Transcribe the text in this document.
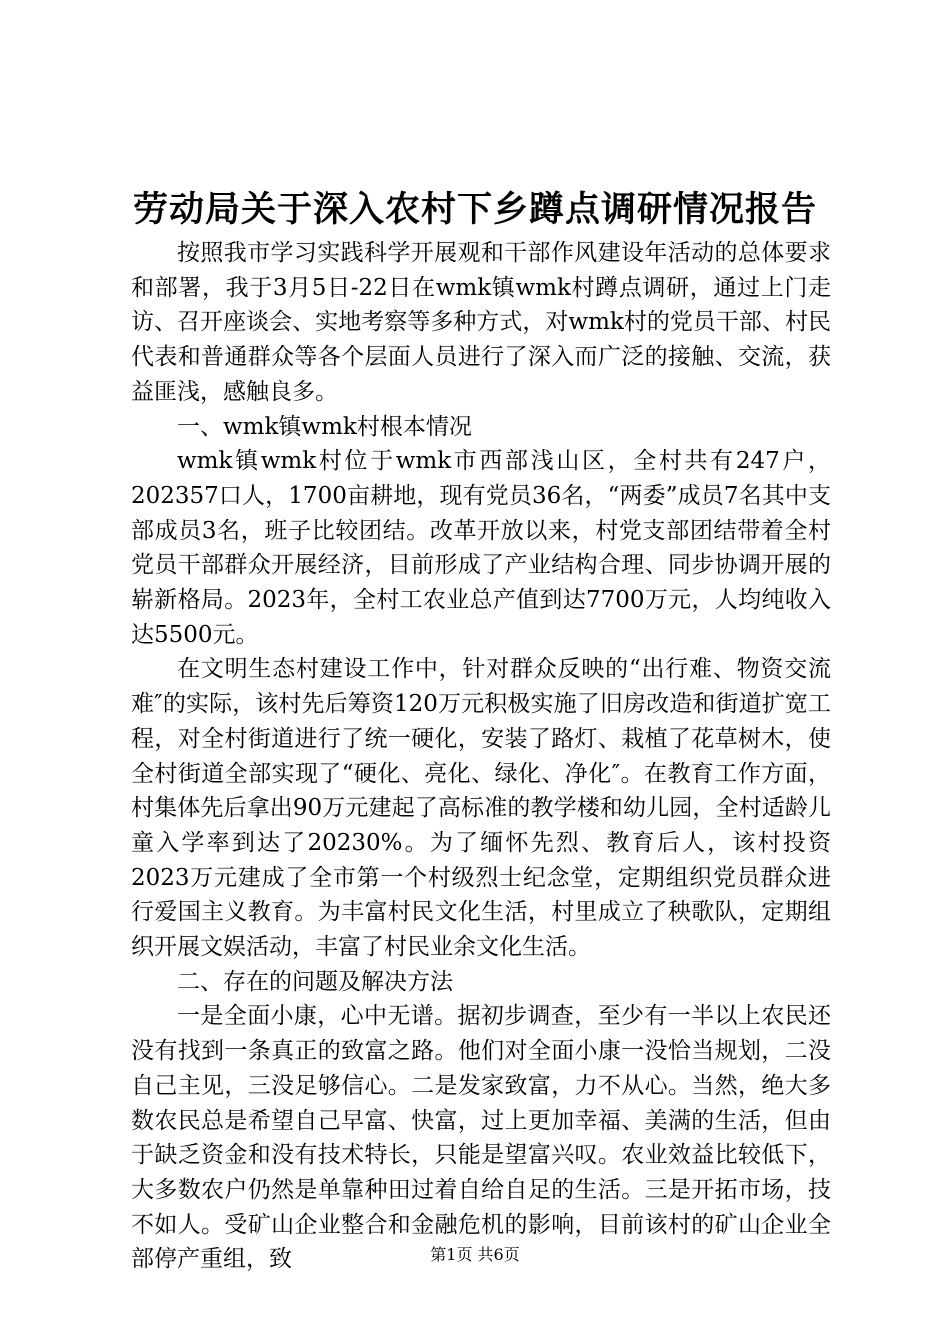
劳动局关于深入农村下乡蹲点调研情况报告

按照我市学习实践科学开展观和干部作风建设年活动的总体要求和部署，我于3月5日-22日在wmk镇wmk村蹲点调研，通过上门走访、召开座谈会、实地考察等多种方式，对wmk村的党员干部、村民代表和普通群众等各个层面人员进行了深入而广泛的接触、交流，获益匪浅，感触良多。

一、wmk镇wmk村根本情况

wmk镇wmk村位于wmk市西部浅山区，全村共有247户，202357口人，1700亩耕地，现有党员36名，“两委”成员7名其中支部成员3名，班子比较团结。改革开放以来，村党支部团结带着全村党员干部群众开展经济，目前形成了产业结构合理、同步协调开展的崭新格局。2023年，全村工农业总产值到达7700万元，人均纯收入达5500元。

在文明生态村建设工作中，针对群众反映的“出行难、物资交流难″的实际，该村先后筹资120万元积极实施了旧房改造和街道扩宽工程，对全村街道进行了统一硬化，安装了路灯、栽植了花草树木，使全村街道全部实现了“硬化、亮化、绿化、净化″。在教育工作方面，村集体先后拿出90万元建起了高标准的教学楼和幼儿园，全村适龄儿童入学率到达了20230%。为了缅怀先烈、教育后人，该村投资2023万元建成了全市第一个村级烈士纪念堂，定期组织党员群众进行爱国主义教育。为丰富村民文化生活，村里成立了秧歌队，定期组织开展文娱活动，丰富了村民业余文化生活。

二、存在的问题及解决方法

一是全面小康，心中无谱。据初步调查，至少有一半以上农民还没有找到一条真正的致富之路。他们对全面小康一没恰当规划，二没自己主见，三没足够信心。二是发家致富，力不从心。当然，绝大多数农民总是希望自己早富、快富，过上更加幸福、美满的生活，但由于缺乏资金和没有技术特长，只能是望富兴叹。农业效益比较低下，大多数农户仍然是单靠种田过着自给自足的生活。三是开拓市场，技不如人。受矿山企业整合和金融危机的影响，目前该村的矿山企业全部停产重组，致	第1页 共6页
